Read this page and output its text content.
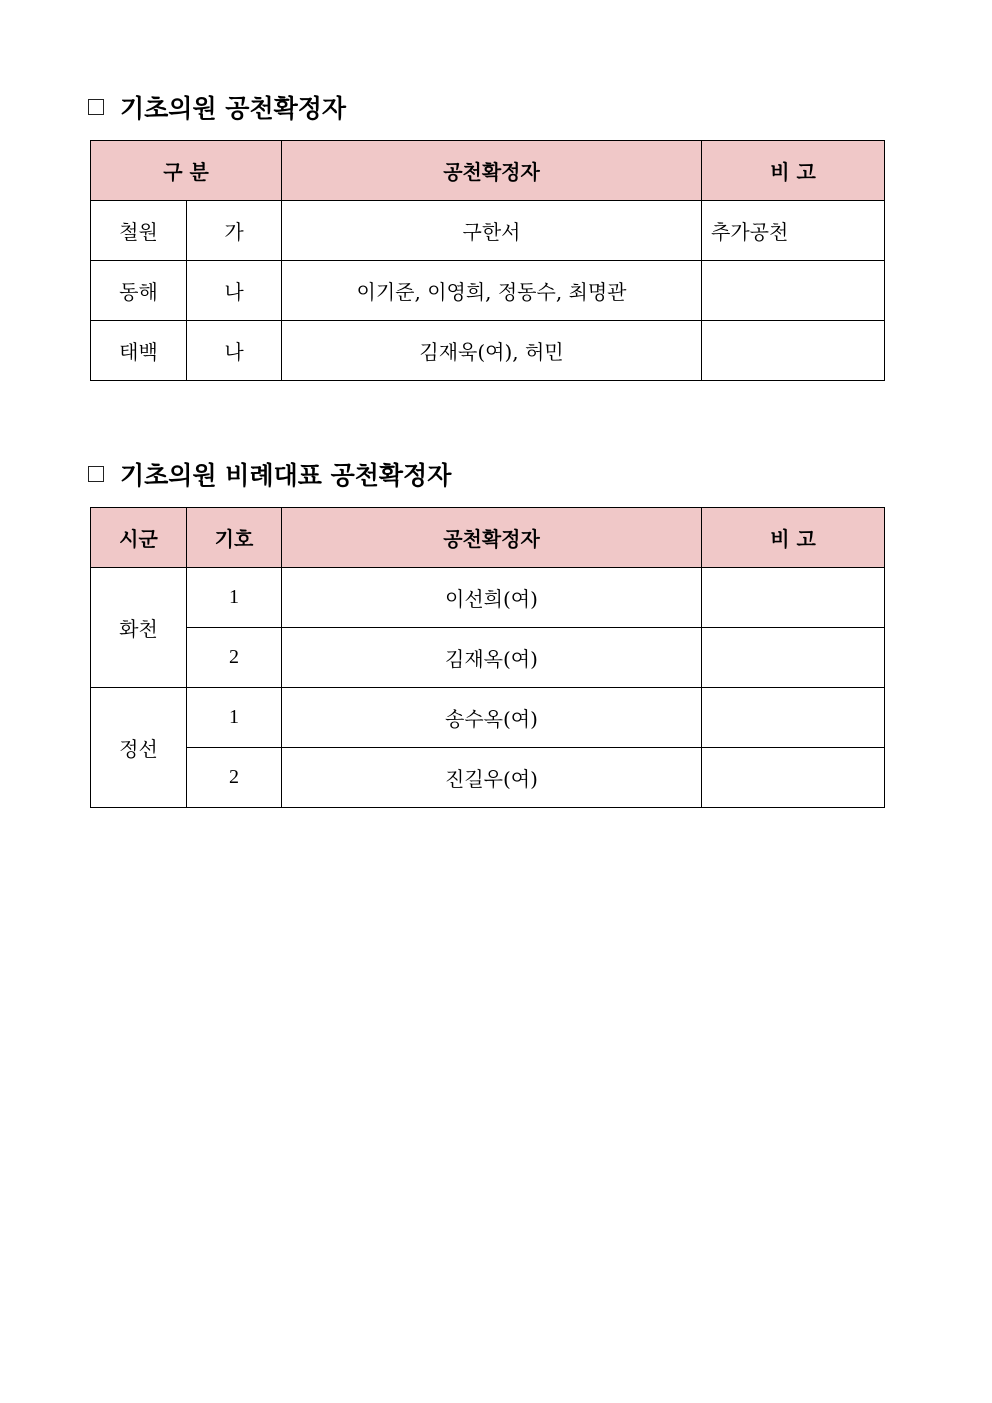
기초의원 공천확정자
구 분		공천확정자	비 고
철원	가	구한서	추가공천
동해	나	이기준, 이영희, 정동수, 최명관	
태백	나	김재욱(여), 허민	
기초의원 비례대표 공천확정자
시군	기호	공천확정자	비 고
화천	1	이선희(여)	
	2	김재옥(여)	
정선	1	송수옥(여)	
	2	진길우(여)	
